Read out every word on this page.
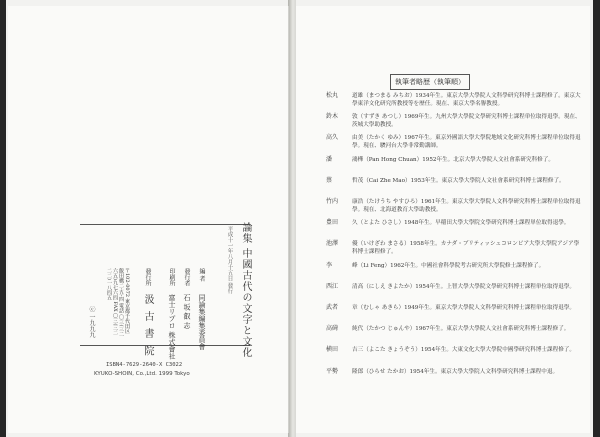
論集 中國古代の文字と文化
平成十一年八月十五日 發行
編 者
同論集編集委員會
發行者
石 坂 叡 志
印刷所
富士リプロ 株式會社
發行所
汲 古 書 院
〒102-0072 東京都千代田区飯田橋二-五-四 電話 〇三(三二六五)九七六四 FAX 〇三(三二二二)一八四五
ⓒ 一九九九
ISBN4-7629-2640-X C3022
KYUKO-SHOIN, Co.,Ltd. 1999 Tokyo
執筆者略歴（執筆順）
松丸	道雄（まつまる みちお）1934年生。東京大學大學院人文科學研究科博士課程修了。東京大學東洋文化研究所教授等を歴任。現在、東京大學名譽教授。
鈴木	敦（すずき あつし）1969年生。九州大學大學院文學研究科博士課程単位取得退學。現在、茨城大學助教授。
高久	由美（たかく ゆみ）1967年生。東京外國語大學大學院地域文化研究科博士課程単位取得退學。現在、駿河台大學非常勤講師。
潘	鴻樺（Pan Hong Chuan）1952年生。北京大學大學院人文社會系研究科修了。
蔡	哲茂（Cai Zhe Mao）1953年生。東京大學大學院人文社會系研究科博士課程修了。
竹内	康浩（たけうち やすひろ）1961年生。東京大學大學院人文科學研究科博士課程単位取得退學。現在、北海道教育大學助教授。
豊田	久（とよた ひさし）1948年生。早稲田大學大學院文學研究科博士課程単位取得退學。
池澤	優（いけざわ まさる）1958年生。カナダ・ブリティッシュコロンビア大學大學院アジア學科博士課程修了。
李	峰（Li Feng）1962年生。中國社會科學院考古研究所大學院修士課程修了。
西江	清高（にしえ きよたか）1954年生。上智大學大學院文學研究科博士課程単位取得退學。
武者	章（むしゃ あきら）1949年生。東京大學大學院人文科學研究科博士課程単位取得退學。
高碕	純代（たかつ じゅんや）1967年生。東京大學大學院人文社會系研究科博士課程修了。
横田	吉三（よこた きょうぞう）1954年生。大東文化大學大學院中國學研究科博士課程修了。
平勢	隆郎（ひらせ たかお）1954年生。東京大學大學院人文科學研究科博士課程中退。
